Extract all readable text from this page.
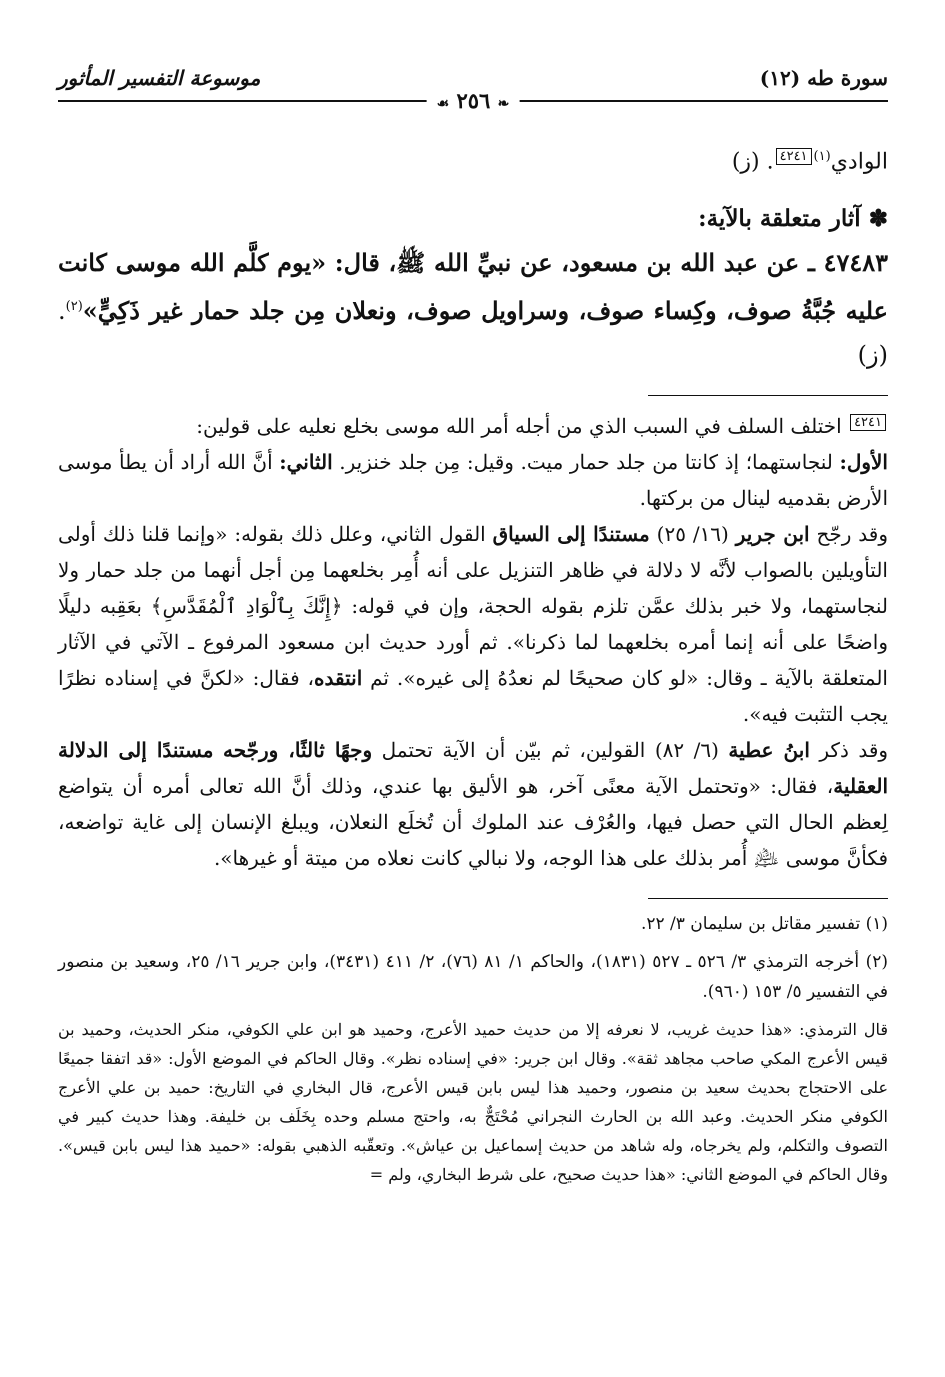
سورة طه (١٢)
موسوعة التفسير المأثور
❧ ٢٥٦ ☙
الوادي$^{(١)}$٤٢٤١. (ز)
✽ آثار متعلقة بالآية:
٤٧٤٨٣ ـ عن عبد الله بن مسعود، عن نبيِّ الله ﷺ، قال: «يوم كلَّم الله موسى كانت عليه جُبَّةُ صوف، وكِساء صوف، وسراويل صوف، ونعلان مِن جلد حمار غير ذَكِيٍّ»$^{(٢)}$. (ز)

٤٢٤١ اختلف السلف في السبب الذي من أجله أمر الله موسى بخلع نعليه على قولين:

الأول: لنجاستهما؛ إذ كانتا من جلد حمار ميت. وقيل: مِن جلد خنزير. الثاني: أنَّ الله أراد أن يطأ موسى الأرض بقدميه لينال من بركتها.

وقد رجّح ابن جرير (١٦/ ٢٥) مستندًا إلى السياق القول الثاني، وعلل ذلك بقوله: «وإنما قلنا ذلك أولى التأويلين بالصواب لأنَّه لا دلالة في ظاهر التنزيل على أنه أُمِر بخلعهما مِن أجل أنهما من جلد حمار ولا لنجاستهما، ولا خبر بذلك عمَّن تلزم بقوله الحجة، وإن في قوله: ﴿إِنَّكَ بِٱلْوَادِ ٱلْمُقَدَّسِ﴾ بعَقِبه دليلًا واضحًا على أنه إنما أمره بخلعهما لما ذكرنا». ثم أورد حديث ابن مسعود المرفوع ـ الآتي في الآثار المتعلقة بالآية ـ وقال: «لو كان صحيحًا لم نعدُهُ إلى غيره». ثم انتقده، فقال: «لكنَّ في إسناده نظرًا يجب التثبت فيه».

وقد ذكر ابنُ عطية (٦/ ٨٢) القولين، ثم بيّن أن الآية تحتمل وجهًا ثالثًا، ورجّحه مستندًا إلى الدلالة العقلية، فقال: «وتحتمل الآية معنًى آخر، هو الأليق بها عندي، وذلك أنَّ الله تعالى أمره أن يتواضع لِعظم الحال التي حصل فيها، والعُرْف عند الملوك أن تُخلَع النعلان، ويبلغ الإنسان إلى غاية تواضعه، فكأنَّ موسى ﵇ أُمر بذلك على هذا الوجه، ولا نبالي كانت نعلاه من ميتة أو غيرها».

(١) تفسير مقاتل بن سليمان ٣/ ٢٢.

(٢) أخرجه الترمذي ٣/ ٥٢٦ ـ ٥٢٧ (١٨٣١)، والحاكم ١/ ٨١ (٧٦)، ٢/ ٤١١ (٣٤٣١)، وابن جرير ١٦/ ٢٥، وسعيد بن منصور في التفسير ٥/ ١٥٣ (٩٦٠).

قال الترمذي: «هذا حديث غريب، لا نعرفه إلا من حديث حميد الأعرج، وحميد هو ابن علي الكوفي، منكر الحديث، وحميد بن قيس الأعرج المكي صاحب مجاهد ثقة». وقال ابن جرير: «في إسناده نظر». وقال الحاكم في الموضع الأول: «قد اتفقا جميعًا على الاحتجاج بحديث سعيد بن منصور، وحميد هذا ليس بابن قيس الأعرج، قال البخاري في التاريخ: حميد بن علي الأعرج الكوفي منكر الحديث. وعبد الله بن الحارث النجراني مُحْتَجٌّ به، واحتج مسلم وحده بِخَلَف بن خليفة. وهذا حديث كبير في التصوف والتكلم، ولم يخرجاه، وله شاهد من حديث إسماعيل بن عياش». وتعقّبه الذهبي بقوله: «حميد هذا ليس بابن قيس». وقال الحاكم في الموضع الثاني: «هذا حديث صحيح، على شرط البخاري، ولم =
